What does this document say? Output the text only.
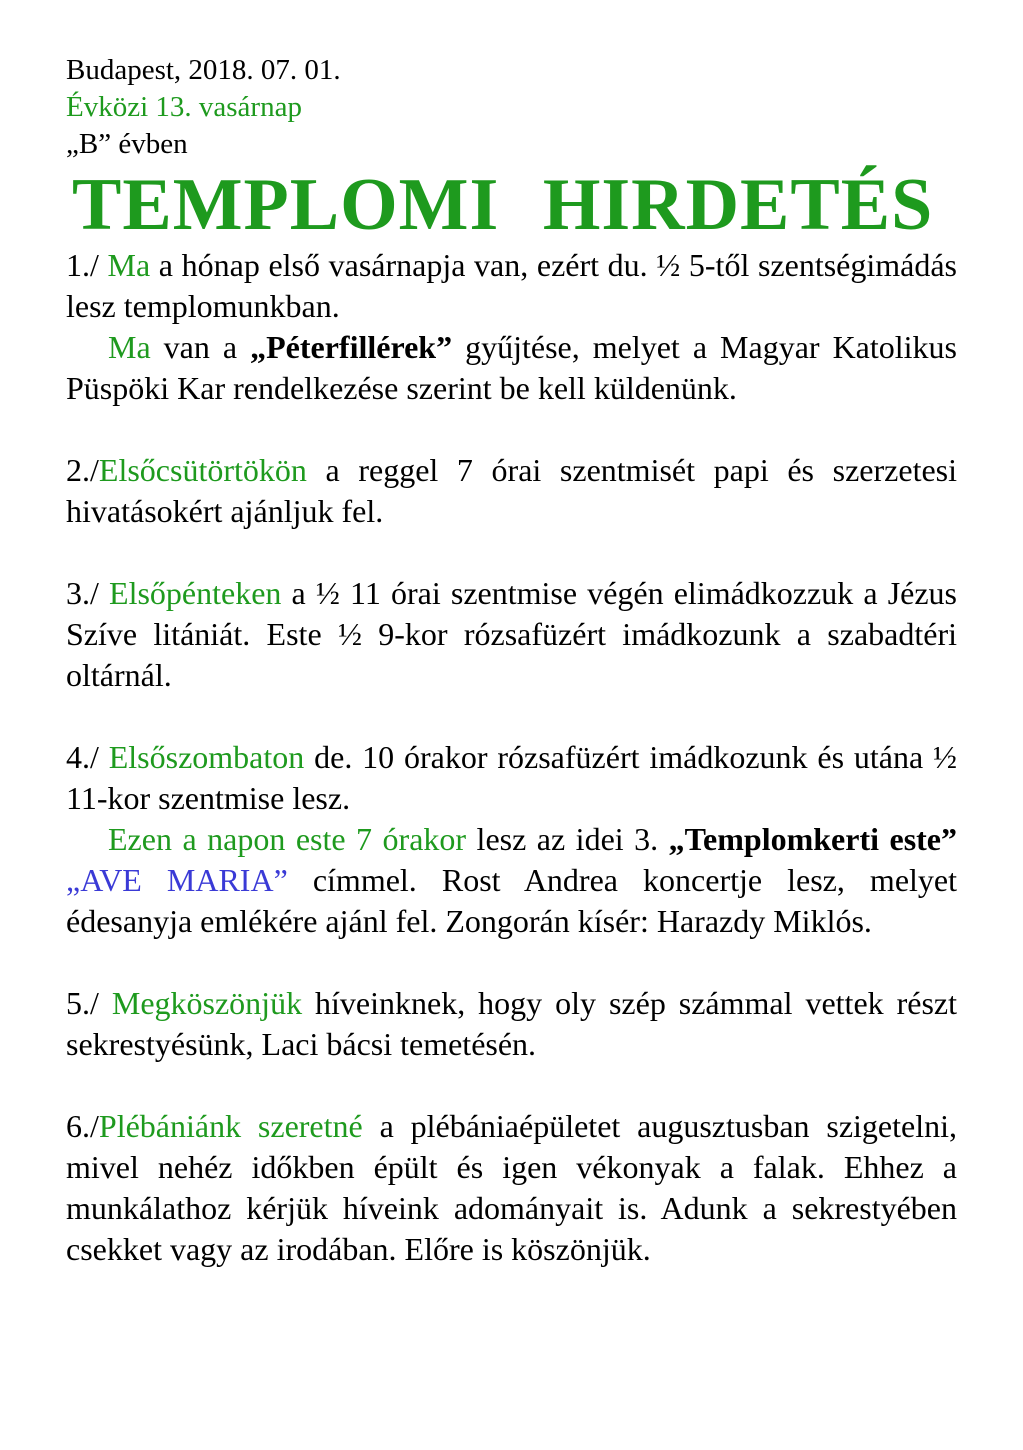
Budapest, 2018. 07. 01.

Évközi 13. vasárnap

„B” évben

TEMPLOMI HIRDETÉS

1./ Ma a hónap első vasárnapja van, ezért du. ½ 5-től szentségimádás lesz templomunkban.

Ma van a „Péterfillérek” gyűjtése, melyet a Magyar Katolikus Püspöki Kar rendelkezése szerint be kell küldenünk.

2./Elsőcsütörtökön a reggel 7 órai szentmisét papi és szerzetesi hivatásokért ajánljuk fel.

3./ Elsőpénteken a ½ 11 órai szentmise végén elimádkozzuk a Jézus Szíve litániát. Este ½ 9-kor rózsafüzért imádkozunk a szabadtéri oltárnál.

4./ Elsőszombaton de. 10 órakor rózsafüzért imádkozunk és utána ½ 11-kor szentmise lesz.

Ezen a napon este 7 órakor lesz az idei 3. „Templomkerti este” „AVE MARIA” címmel. Rost Andrea koncertje lesz, melyet édesanyja emlékére ajánl fel. Zongorán kísér: Harazdy Miklós.

5./ Megköszönjük híveinknek, hogy oly szép számmal vettek részt sekrestyésünk, Laci bácsi temetésén.

6./Plébániánk szeretné a plébániaépületet augusztusban szigetelni, mivel nehéz időkben épült és igen vékonyak a falak. Ehhez a munkálathoz kérjük híveink adományait is. Adunk a sekrestyében csekket vagy az irodában. Előre is köszönjük.
